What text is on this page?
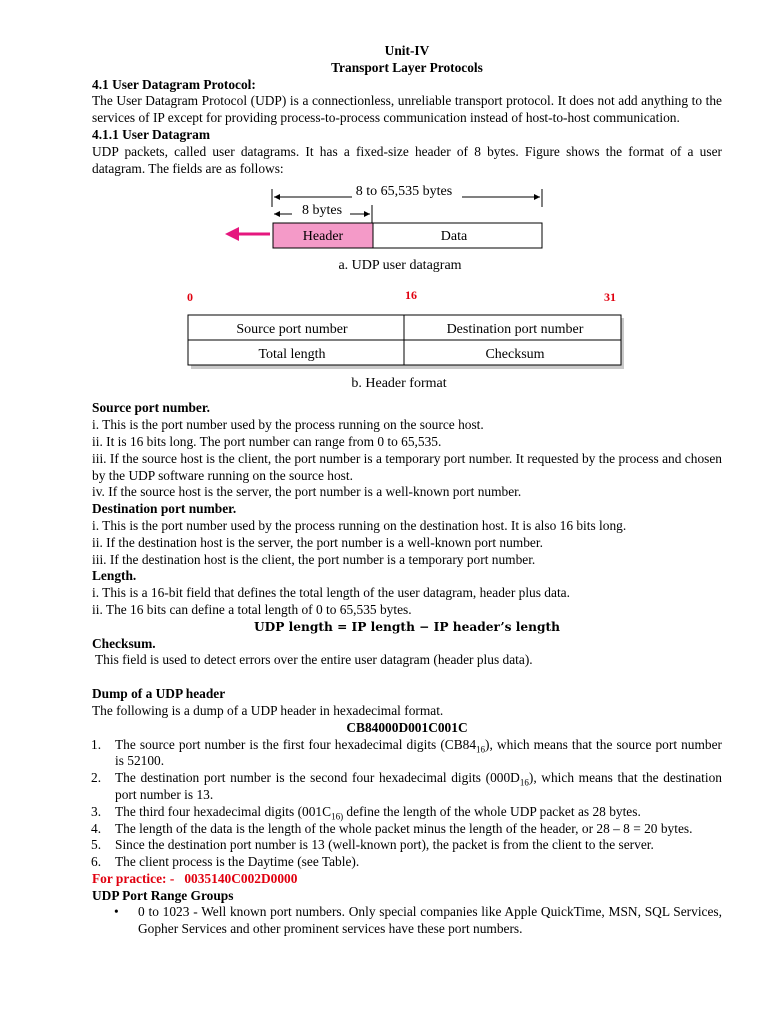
Unit-IV

Transport Layer Protocols

4.1 User Datagram Protocol:

The User Datagram Protocol (UDP) is a connectionless, unreliable transport protocol. It does not add anything to the services of IP except for providing process-to-process communication instead of host-to-host communication.

4.1.1 User Datagram

UDP packets, called user datagrams. It has a fixed-size header of 8 bytes. Figure shows the format of a user datagram. The fields are as follows:

8 to 65,535 bytes
8 bytes
Header	Data
a. UDP user datagram
0	16	31
Source port number	Destination port number
Total length	Checksum
b. Header format

Source port number.

i. This is the port number used by the process running on the source host.

ii. It is 16 bits long. The port number can range from 0 to 65,535.

iii. If the source host is the client, the port number is a temporary port number. It requested by the process and chosen by the UDP software running on the source host.

iv. If the source host is the server, the port number is a well-known port number.

Destination port number.

i. This is the port number used by the process running on the destination host. It is also 16 bits long.

ii. If the destination host is the server, the port number is a well-known port number.

iii. If the destination host is the client, the port number is a temporary port number.

Length.

i. This is a 16-bit field that defines the total length of the user datagram, header plus data.

ii. The 16 bits can define a total length of 0 to 65,535 bytes.

UDP length = IP length − IP header’s length

Checksum.

This field is used to detect errors over the entire user datagram (header plus data).

Dump of a UDP header

The following is a dump of a UDP header in hexadecimal format.

CB84000D001C001C

1. The source port number is the first four hexadecimal digits $(CB84_{16})$, which means that the source port number is 52100.
2. The destination port number is the second four hexadecimal digits $(000D_{16})$, which means that the destination port number is 13.
3. The third four hexadecimal digits ($001C_{16)}$ define the length of the whole UDP packet as 28 bytes.
4. The length of the data is the length of the whole packet minus the length of the header, or 28 – 8 = 20 bytes.
5. Since the destination port number is 13 (well-known port), the packet is from the client to the server.
6. The client process is the Daytime (see Table).

For practice: - 0035140C002D0000

UDP Port Range Groups

• 0 to 1023 - Well known port numbers. Only special companies like Apple QuickTime, MSN, SQL Services, Gopher Services and other prominent services have these port numbers.
